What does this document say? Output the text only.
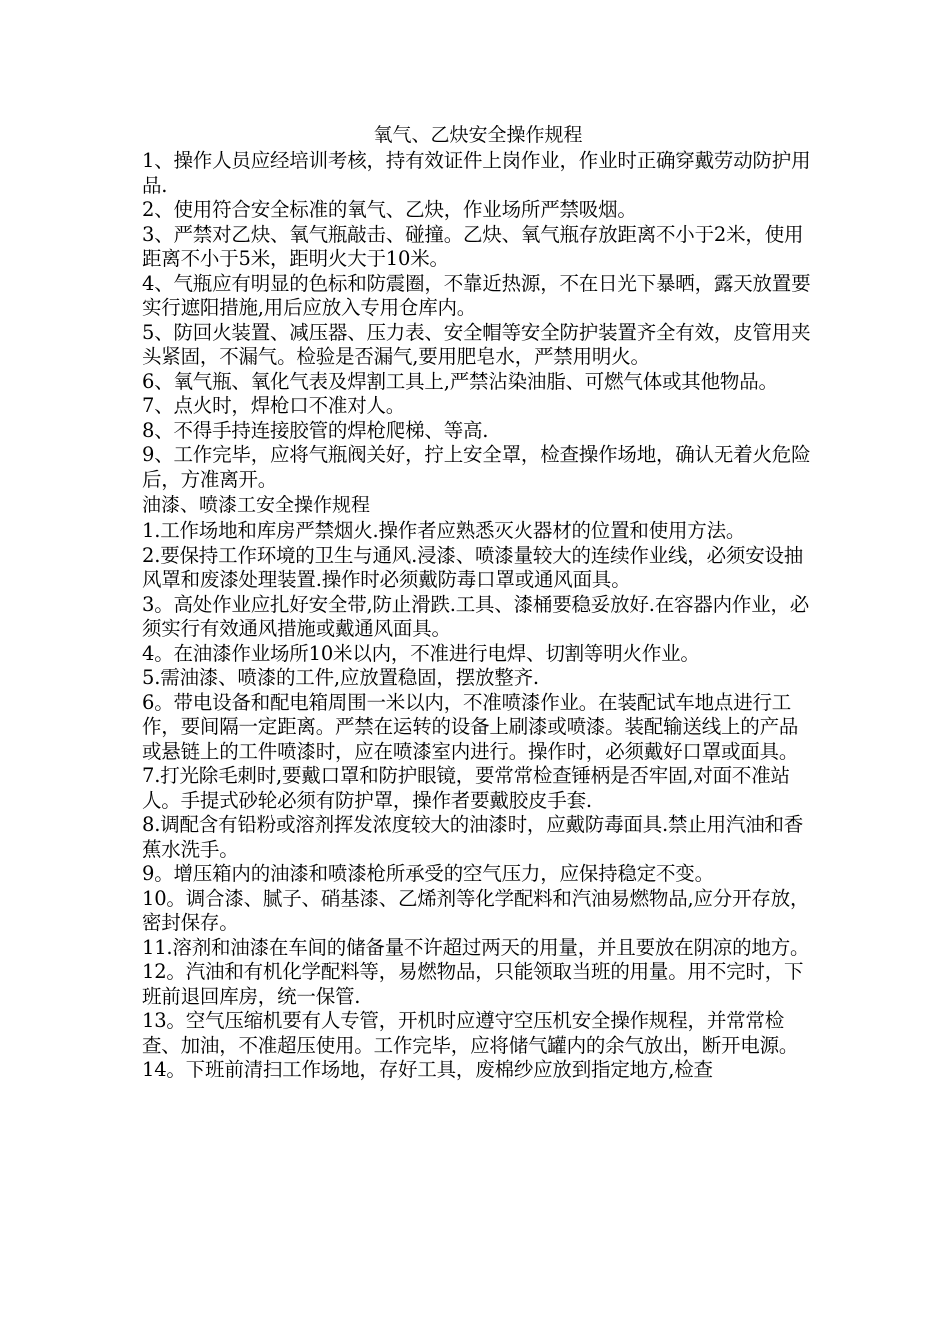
氧气、乙炔安全操作规程

1、操作人员应经培训考核，持有效证件上岗作业，作业时正确穿戴劳动防护用品.

2、使用符合安全标准的氧气、乙炔，作业场所严禁吸烟。

3、严禁对乙炔、氧气瓶敲击、碰撞。乙炔、氧气瓶存放距离不小于2米，使用距离不小于5米，距明火大于10米。

4、气瓶应有明显的色标和防震圈，不靠近热源，不在日光下暴晒，露天放置要实行遮阳措施,用后应放入专用仓库内。

5、防回火装置、减压器、压力表、安全帽等安全防护装置齐全有效，皮管用夹头紧固，不漏气。检验是否漏气,要用肥皂水，严禁用明火。

6、氧气瓶、氧化气表及焊割工具上,严禁沾染油脂、可燃气体或其他物品。

7、点火时，焊枪口不准对人。

8、不得手持连接胶管的焊枪爬梯、等高.

9、工作完毕，应将气瓶阀关好，拧上安全罩，检查操作场地，确认无着火危险后，方准离开。

油漆、喷漆工安全操作规程

1.工作场地和库房严禁烟火.操作者应熟悉灭火器材的位置和使用方法。

2.要保持工作环境的卫生与通风.浸漆、喷漆量较大的连续作业线，必须安设抽风罩和废漆处理装置.操作时必须戴防毒口罩或通风面具。

3。高处作业应扎好安全带,防止滑跌.工具、漆桶要稳妥放好.在容器内作业，必须实行有效通风措施或戴通风面具。

4。在油漆作业场所10米以内，不准进行电焊、切割等明火作业。

5.需油漆、喷漆的工件,应放置稳固，摆放整齐.

6。带电设备和配电箱周围一米以内，不准喷漆作业。在装配试车地点进行工作，要间隔一定距离。严禁在运转的设备上刷漆或喷漆。装配输送线上的产品或悬链上的工件喷漆时，应在喷漆室内进行。操作时，必须戴好口罩或面具。

7.打光除毛刺时,要戴口罩和防护眼镜，要常常检查锤柄是否牢固,对面不准站人。手提式砂轮必须有防护罩，操作者要戴胶皮手套.

8.调配含有铅粉或溶剂挥发浓度较大的油漆时，应戴防毒面具.禁止用汽油和香蕉水洗手。

9。增压箱内的油漆和喷漆枪所承受的空气压力，应保持稳定不变。

10。调合漆、腻子、硝基漆、乙烯剂等化学配料和汽油易燃物品,应分开存放，密封保存。

11.溶剂和油漆在车间的储备量不许超过两天的用量，并且要放在阴凉的地方。

12。汽油和有机化学配料等，易燃物品，只能领取当班的用量。用不完时，下班前退回库房，统一保管.

13。空气压缩机要有人专管，开机时应遵守空压机安全操作规程，并常常检查、加油，不准超压使用。工作完毕，应将储气罐内的余气放出，断开电源。

14。下班前清扫工作场地，存好工具，废棉纱应放到指定地方,检查
